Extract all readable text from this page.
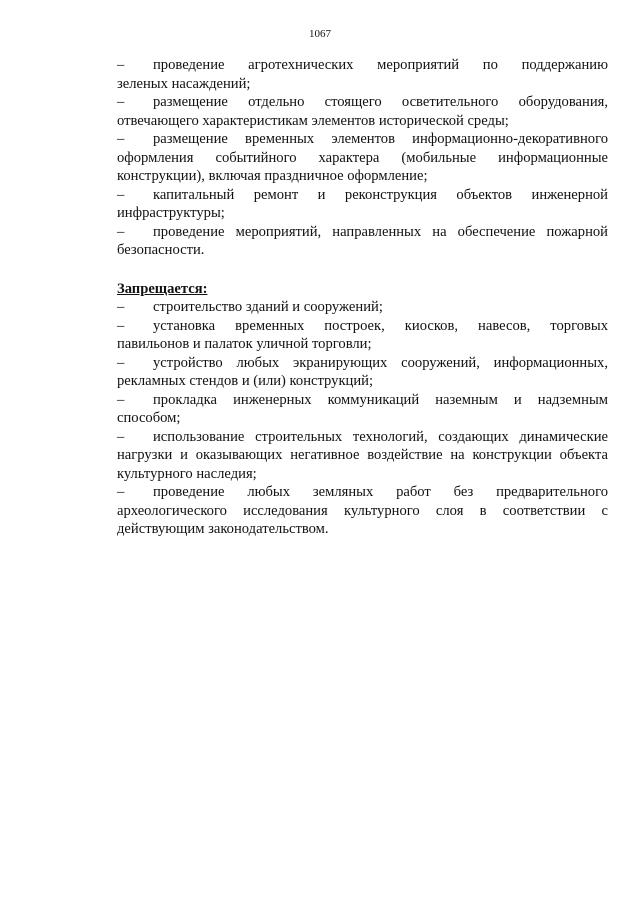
1067

– проведение агротехнических мероприятий по поддержанию
зеленых насаждений;

– размещение отдельно стоящего осветительного оборудования,
отвечающего характеристикам элементов исторической среды;

– размещение временных элементов информационно-декоративного
оформления событийного характера (мобильные информационные конструкции), включая праздничное оформление;

– капитальный ремонт и реконструкция объектов инженерной
инфраструктуры;

– проведение мероприятий, направленных на обеспечение пожарной
безопасности.

Запрещается:

– строительство зданий и сооружений;

– установка временных построек, киосков, навесов, торговых
павильонов и палаток уличной торговли;

– устройство любых экранирующих сооружений, информационных,
рекламных стендов и (или) конструкций;

– прокладка инженерных коммуникаций наземным и надземным
способом;

– использование строительных технологий, создающих динамические
нагрузки и оказывающих негативное воздействие на конструкции объекта культурного наследия;

– проведение любых земляных работ без предварительного
археологического исследования культурного слоя в соответствии с действующим законодательством.
